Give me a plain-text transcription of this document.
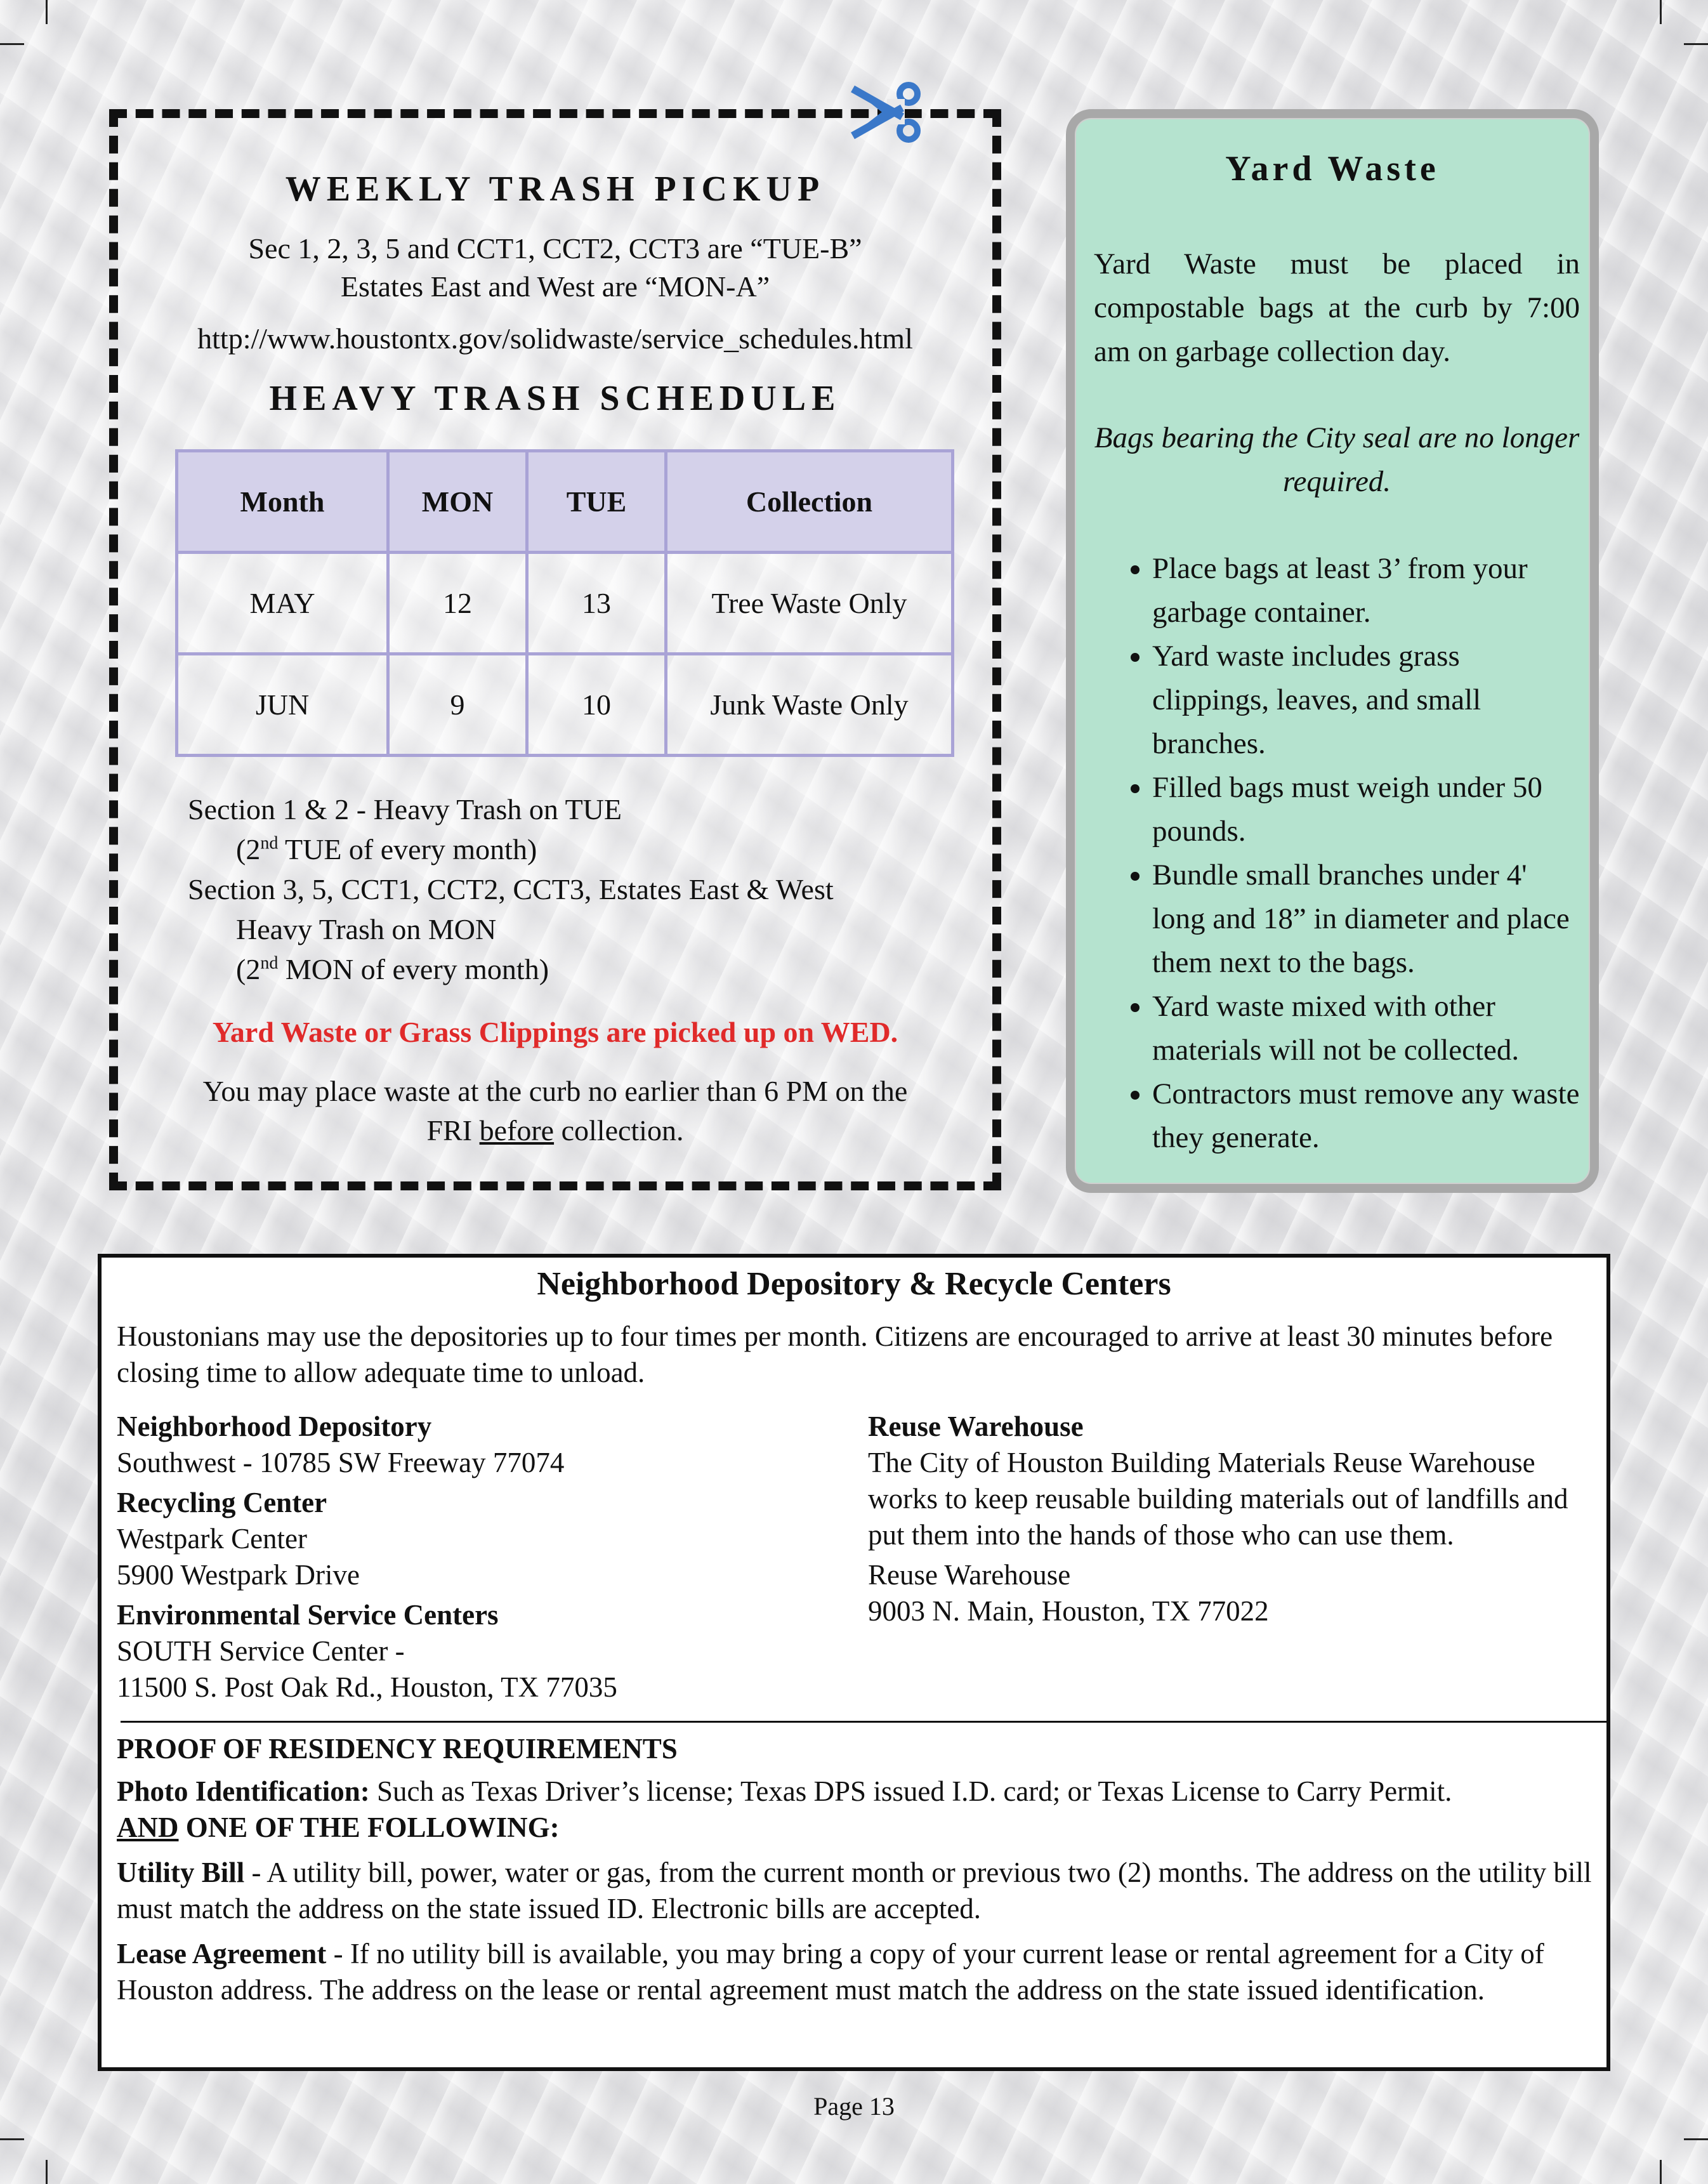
WEEKLY TRASH PICKUP
Sec 1, 2, 3, 5 and CCT1, CCT2, CCT3 are “TUE-B”
Estates East and West are “MON-A”
http://www.houstontx.gov/solidwaste/service_schedules.html
HEAVY TRASH SCHEDULE
Month	MON	TUE	Collection
MAY	12	13	Tree Waste Only
JUN	9	10	Junk Waste Only
Section 1 & 2 - Heavy Trash on TUE
(2nd TUE of every month)
Section 3, 5, CCT1, CCT2, CCT3, Estates East & West
Heavy Trash on MON
(2nd MON of every month)
Yard Waste or Grass Clippings are picked up on WED.
You may place waste at the curb no earlier than 6 PM on the
FRI before collection.
Yard Waste
Yard Waste must be placed in compostable bags at the curb by 7:00 am on garbage collection day.
Bags bearing the City seal are no longer required.
• Place bags at least 3’ from your garbage container.
• Yard waste includes grass clippings, leaves, and small branches.
• Filled bags must weigh under 50 pounds.
• Bundle small branches under 4' long and 18” in diameter and place them next to the bags.
• Yard waste mixed with other materials will not be collected.
• Contractors must remove any waste they generate.
Neighborhood Depository & Recycle Centers
Houstonians may use the depositories up to four times per month. Citizens are encouraged to arrive at least 30 minutes before closing time to allow adequate time to unload.
Neighborhood Depository
Southwest - 10785 SW Freeway 77074
Recycling Center
Westpark Center
5900 Westpark Drive
Environmental Service Centers
SOUTH Service Center -
11500 S. Post Oak Rd., Houston, TX 77035
Reuse Warehouse
The City of Houston Building Materials Reuse Warehouse works to keep reusable building materials out of landfills and put them into the hands of those who can use them.
Reuse Warehouse
9003 N. Main, Houston, TX 77022
PROOF OF RESIDENCY REQUIREMENTS
Photo Identification: Such as Texas Driver’s license; Texas DPS issued I.D. card; or Texas License to Carry Permit.
AND ONE OF THE FOLLOWING:
Utility Bill - A utility bill, power, water or gas, from the current month or previous two (2) months. The address on the utility bill must match the address on the state issued ID. Electronic bills are accepted.
Lease Agreement - If no utility bill is available, you may bring a copy of your current lease or rental agreement for a City of Houston address. The address on the lease or rental agreement must match the address on the state issued identification.
Page 13
